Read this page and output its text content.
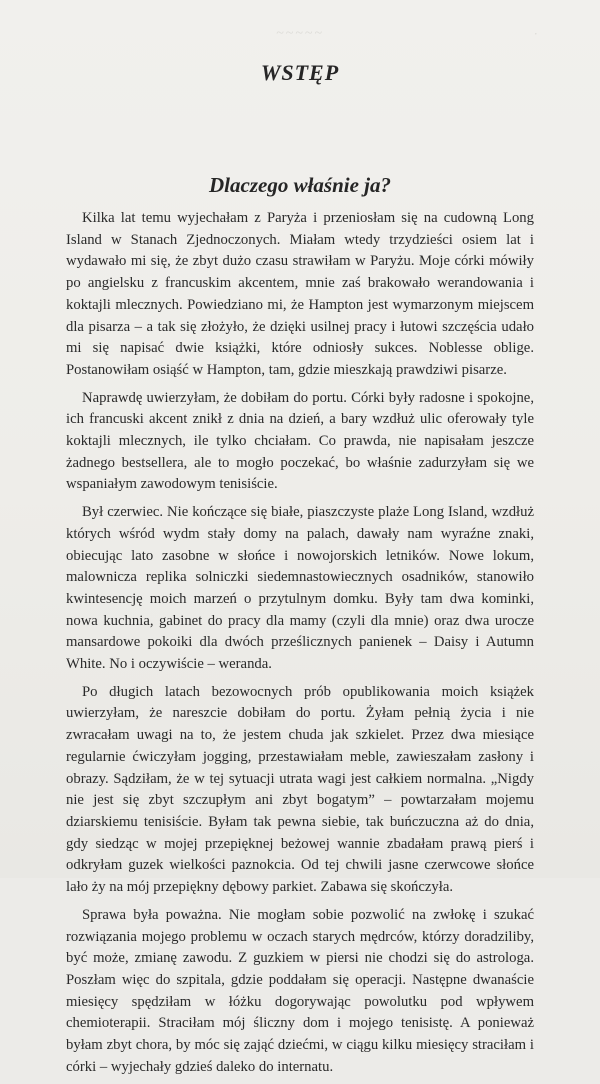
~~~~~	·
WSTĘP
Dlaczego właśnie ja?

Kilka lat temu wyjechałam z Paryża i przeniosłam się na cudowną Long Island w Stanach Zjednoczonych. Miałam wtedy trzydzieści osiem lat i wydawało mi się, że zbyt dużo czasu strawiłam w Paryżu. Moje córki mówiły po angielsku z francuskim akcentem, mnie zaś brakowało werandowania i koktajli mlecznych. Powiedziano mi, że Hampton jest wymarzonym miejscem dla pisarza – a tak się złożyło, że dzięki usilnej pracy i łutowi szczęścia udało mi się napisać dwie książki, które odniosły sukces. Noblesse oblige. Postanowiłam osiąść w Hampton, tam, gdzie mieszkają prawdziwi pisarze.

Naprawdę uwierzyłam, że dobiłam do portu. Córki były radosne i spokojne, ich francuski akcent znikł z dnia na dzień, a bary wzdłuż ulic oferowały tyle koktajli mlecznych, ile tylko chciałam. Co prawda, nie napisałam jeszcze żadnego bestsellera, ale to mogło poczekać, bo właśnie zadurzyłam się we wspaniałym zawodowym tenisiście.

Był czerwiec. Nie kończące się białe, piaszczyste plaże Long Island, wzdłuż których wśród wydm stały domy na palach, dawały nam wyraźne znaki, obiecując lato zasobne w słońce i nowojorskich letników. Nowe lokum, malownicza replika solniczki siedemnastowiecznych osadników, stanowiło kwintesencję moich marzeń o przytulnym domku. Były tam dwa kominki, nowa kuchnia, gabinet do pracy dla mamy (czyli dla mnie) oraz dwa urocze mansardowe pokoiki dla dwóch prześlicznych panienek – Daisy i Autumn White. No i oczywiście – weranda.

Po długich latach bezowocnych prób opublikowania moich książek uwierzyłam, że nareszcie dobiłam do portu. Żyłam pełnią życia i nie zwracałam uwagi na to, że jestem chuda jak szkielet. Przez dwa miesiące regularnie ćwiczyłam jogging, przestawiałam meble, zawieszałam zasłony i obrazy. Sądziłam, że w tej sytuacji utrata wagi jest całkiem normalna. „Nigdy nie jest się zbyt szczupłym ani zbyt bogatym” – powtarzałam mojemu dziarskiemu tenisiście. Byłam tak pewna siebie, tak buńczuczna aż do dnia, gdy siedząc w mojej przepięknej beżowej wannie zbadałam prawą pierś i odkryłam guzek wielkości paznokcia. Od tej chwili jasne czerwcowe słońce lało ży na mój przepiękny dębowy parkiet. Zabawa się skończyła.

Sprawa była poważna. Nie mogłam sobie pozwolić na zwłokę i szukać rozwiązania mojego problemu w oczach starych mędrców, którzy doradziliby, być może, zmianę zawodu. Z guzkiem w piersi nie chodzi się do astrologa. Poszłam więc do szpitala, gdzie poddałam się operacji. Następne dwanaście miesięcy spędziłam w łóżku dogorywając powolutku pod wpływem chemioterapii. Straciłam mój śliczny dom i mojego tenisistę. A ponieważ byłam zbyt chora, by móc się zająć dziećmi, w ciągu kilku miesięcy straciłam i córki – wyjechały gdzieś daleko do internatu.
